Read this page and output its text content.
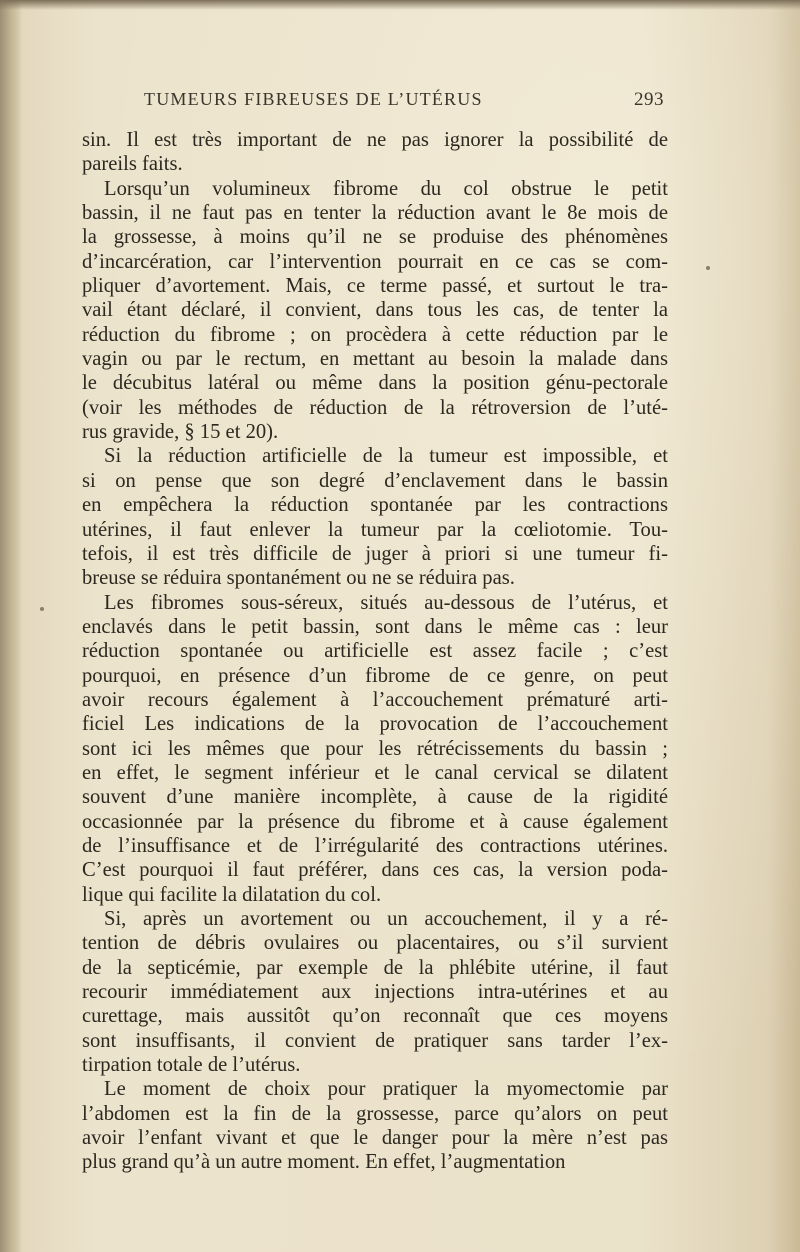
TUMEURS FIBREUSES DE L’UTÉRUS	293
sin. Il est très important de ne pas ignorer la possibilité de
pareils faits.
Lorsqu’un volumineux fibrome du col obstrue le petit
bassin, il ne faut pas en tenter la réduction avant le 8e mois de
la grossesse, à moins qu’il ne se produise des phénomènes
d’incarcération, car l’intervention pourrait en ce cas se com-
pliquer d’avortement. Mais, ce terme passé, et surtout le tra-
vail étant déclaré, il convient, dans tous les cas, de tenter la
réduction du fibrome ; on procèdera à cette réduction par le
vagin ou par le rectum, en mettant au besoin la malade dans
le décubitus latéral ou même dans la position génu-pectorale
(voir les méthodes de réduction de la rétroversion de l’uté-
rus gravide, § 15 et 20).
Si la réduction artificielle de la tumeur est impossible, et
si on pense que son degré d’enclavement dans le bassin
en empêchera la réduction spontanée par les contractions
utérines, il faut enlever la tumeur par la cœliotomie. Tou-
tefois, il est très difficile de juger à priori si une tumeur fi-
breuse se réduira spontanément ou ne se réduira pas.
Les fibromes sous-séreux, situés au-dessous de l’utérus, et
enclavés dans le petit bassin, sont dans le même cas : leur
réduction spontanée ou artificielle est assez facile ; c’est
pourquoi, en présence d’un fibrome de ce genre, on peut
avoir recours également à l’accouchement prématuré arti-
ficiel Les indications de la provocation de l’accouchement
sont ici les mêmes que pour les rétrécissements du bassin ;
en effet, le segment inférieur et le canal cervical se dilatent
souvent d’une manière incomplète, à cause de la rigidité
occasionnée par la présence du fibrome et à cause également
de l’insuffisance et de l’irrégularité des contractions utérines.
C’est pourquoi il faut préférer, dans ces cas, la version poda-
lique qui facilite la dilatation du col.
Si, après un avortement ou un accouchement, il y a ré-
tention de débris ovulaires ou placentaires, ou s’il survient
de la septicémie, par exemple de la phlébite utérine, il faut
recourir immédiatement aux injections intra-utérines et au
curettage, mais aussitôt qu’on reconnaît que ces moyens
sont insuffisants, il convient de pratiquer sans tarder l’ex-
tirpation totale de l’utérus.
Le moment de choix pour pratiquer la myomectomie par
l’abdomen est la fin de la grossesse, parce qu’alors on peut
avoir l’enfant vivant et que le danger pour la mère n’est pas
plus grand qu’à un autre moment. En effet, l’augmentation
